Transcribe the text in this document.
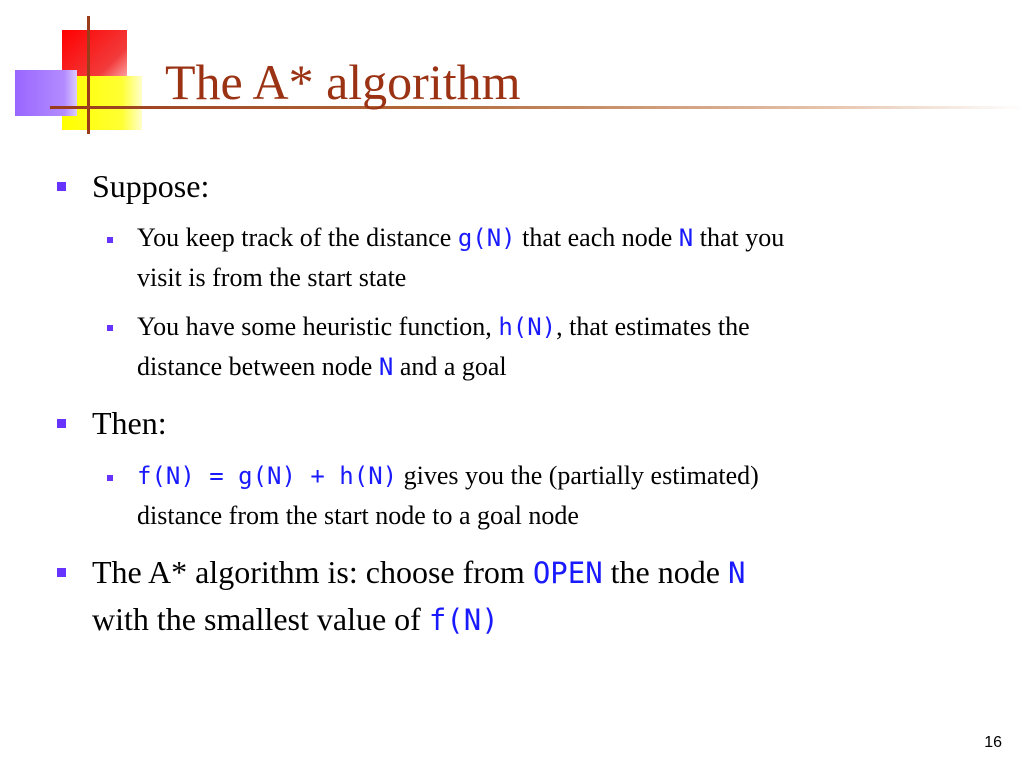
The A* algorithm
Suppose:
You keep track of the distance g(N) that each node N that you
visit is from the start state
You have some heuristic function, h(N), that estimates the
distance between node N and a goal
Then:
f(N) = g(N) + h(N) gives you the (partially estimated)
distance from the start node to a goal node
The A* algorithm is: choose from OPEN the node N
with the smallest value of f(N)
16
